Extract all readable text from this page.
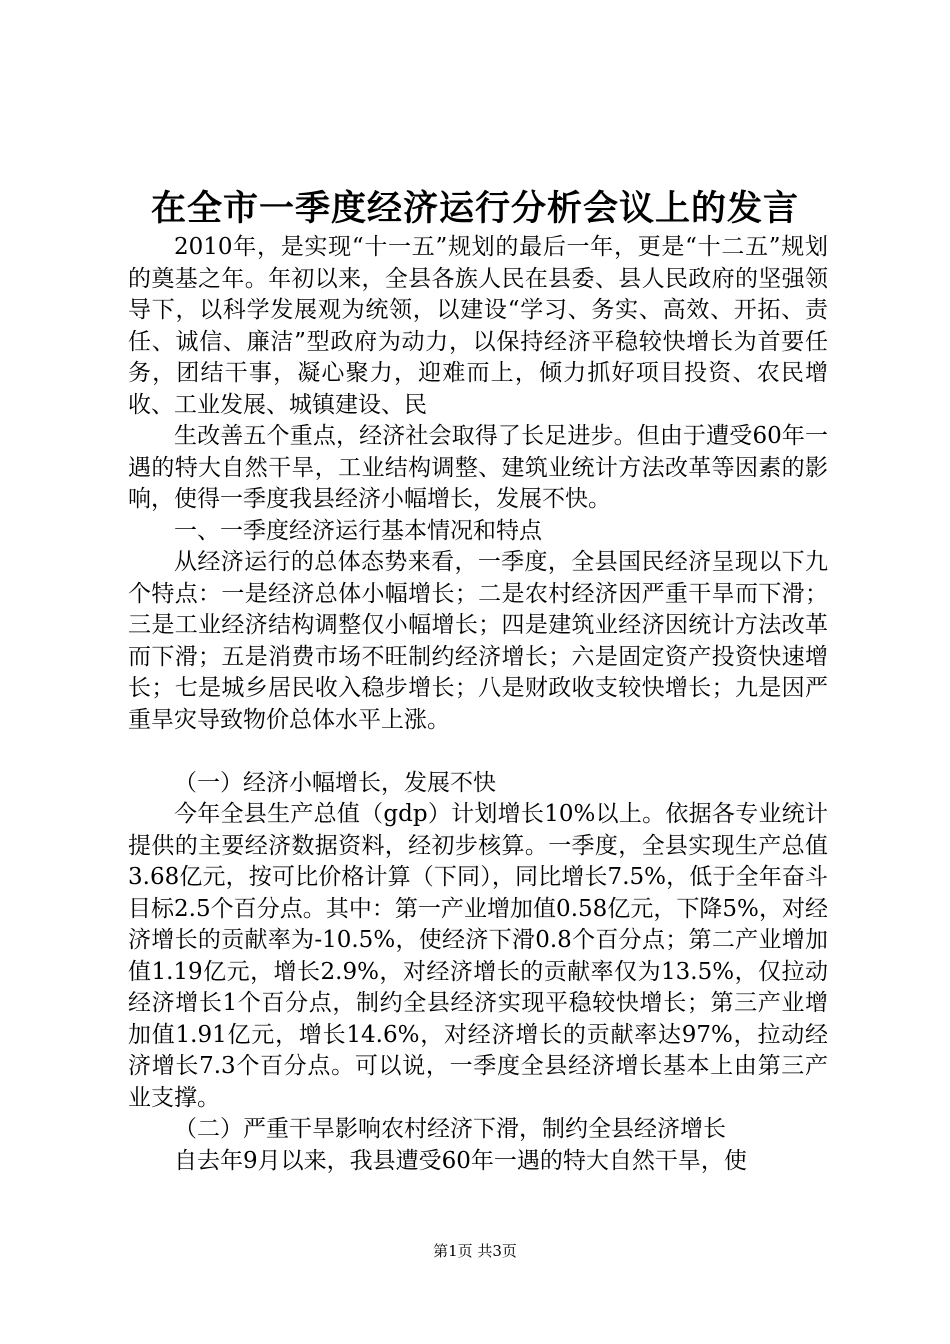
在全市一季度经济运行分析会议上的发言

2010年，是实现“十一五”规划的最后一年，更是“十二五”规划的奠基之年。年初以来，全县各族人民在县委、县人民政府的坚强领导下，以科学发展观为统领，以建设“学习、务实、高效、开拓、责任、诚信、廉洁”型政府为动力，以保持经济平稳较快增长为首要任务，团结干事，凝心聚力，迎难而上，倾力抓好项目投资、农民增收、工业发展、城镇建设、民

生改善五个重点，经济社会取得了长足进步。但由于遭受60年一遇的特大自然干旱，工业结构调整、建筑业统计方法改革等因素的影响，使得一季度我县经济小幅增长，发展不快。

一、一季度经济运行基本情况和特点

从经济运行的总体态势来看，一季度，全县国民经济呈现以下九个特点：一是经济总体小幅增长；二是农村经济因严重干旱而下滑；三是工业经济结构调整仅小幅增长；四是建筑业经济因统计方法改革而下滑；五是消费市场不旺制约经济增长；六是固定资产投资快速增长；七是城乡居民收入稳步增长；八是财政收支较快增长；九是因严重旱灾导致物价总体水平上涨。

（一）经济小幅增长，发展不快

今年全县生产总值（gdp）计划增长10%以上。依据各专业统计提供的主要经济数据资料，经初步核算。一季度，全县实现生产总值3.68亿元，按可比价格计算（下同），同比增长7.5%，低于全年奋斗目标2.5个百分点。其中：第一产业增加值0.58亿元，下降5%，对经济增长的贡献率为-10.5%，使经济下滑0.8个百分点；第二产业增加值1.19亿元，增长2.9%，对经济增长的贡献率仅为13.5%，仅拉动经济增长1个百分点，制约全县经济实现平稳较快增长；第三产业增加值1.91亿元，增长14.6%，对经济增长的贡献率达97%，拉动经济增长7.3个百分点。可以说，一季度全县经济增长基本上由第三产业支撑。

（二）严重干旱影响农村经济下滑，制约全县经济增长

自去年9月以来，我县遭受60年一遇的特大自然干旱，使

第1页 共3页
